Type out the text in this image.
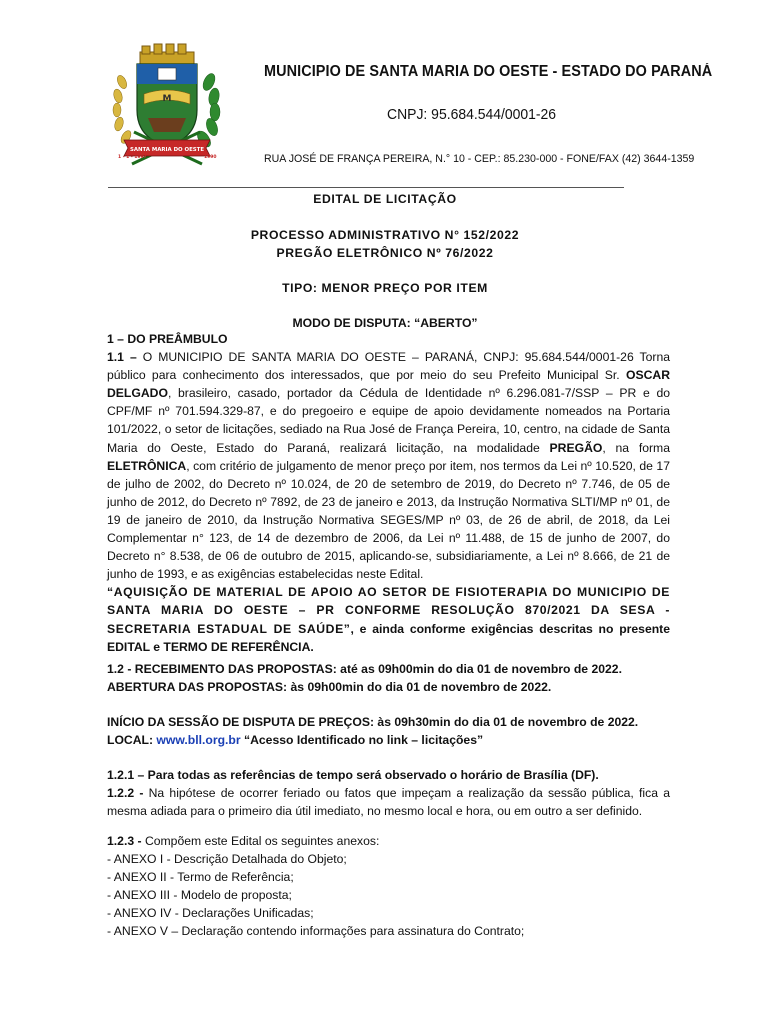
M
SANTA MARIA DO OESTE
1 - 1 - 1997	1990
MUNICIPIO DE SANTA MARIA DO OESTE - ESTADO DO PARANÁ
CNPJ: 95.684.544/0001-26
RUA JOSÉ DE FRANÇA PEREIRA, N.° 10 - CEP.: 85.230-000 - FONE/FAX (42) 3644-1359
EDITAL DE LICITAÇÃO
PROCESSO ADMINISTRATIVO N° 152/2022
PREGÃO ELETRÔNICO Nº 76/2022
TIPO: MENOR PREÇO POR ITEM
MODO DE DISPUTA: “ABERTO”

1 – DO PREÂMBULO

1.1 – O MUNICIPIO DE SANTA MARIA DO OESTE – PARANÁ, CNPJ: 95.684.544/0001-26 Torna público para conhecimento dos interessados, que por meio do seu Prefeito Municipal Sr. OSCAR DELGADO, brasileiro, casado, portador da Cédula de Identidade nº 6.296.081-7/SSP – PR e do CPF/MF nº 701.594.329-87, e do pregoeiro e equipe de apoio devidamente nomeados na Portaria 101/2022, o setor de licitações, sediado na Rua José de França Pereira, 10, centro, na cidade de Santa Maria do Oeste, Estado do Paraná, realizará licitação, na modalidade PREGÃO, na forma ELETRÔNICA, com critério de julgamento de menor preço por item, nos termos da Lei nº 10.520, de 17 de julho de 2002, do Decreto nº 10.024, de 20 de setembro de 2019, do Decreto nº 7.746, de 05 de junho de 2012, do Decreto nº 7892, de 23 de janeiro e 2013, da Instrução Normativa SLTI/MP nº 01, de 19 de janeiro de 2010, da Instrução Normativa SEGES/MP nº 03, de 26 de abril, de 2018, da Lei Complementar n° 123, de 14 de dezembro de 2006, da Lei nº 11.488, de 15 de junho de 2007, do Decreto n° 8.538, de 06 de outubro de 2015, aplicando-se, subsidiariamente, a Lei nº 8.666, de 21 de junho de 1993, e as exigências estabelecidas neste Edital.

“AQUISIÇÃO DE MATERIAL DE APOIO AO SETOR DE FISIOTERAPIA DO MUNICIPIO DE SANTA MARIA DO OESTE – PR CONFORME RESOLUÇÃO 870/2021 DA SESA -SECRETARIA ESTADUAL DE SAÚDE”, e ainda conforme exigências descritas no presente EDITAL e TERMO DE REFERÊNCIA.

1.2 - RECEBIMENTO DAS PROPOSTAS: até as 09h00min do dia 01 de novembro de 2022.

ABERTURA DAS PROPOSTAS: às 09h00min do dia 01 de novembro de 2022.

INÍCIO DA SESSÃO DE DISPUTA DE PREÇOS: às 09h30min do dia 01 de novembro de 2022.

LOCAL: www.bll.org.br “Acesso Identificado no link – licitações”

1.2.1 – Para todas as referências de tempo será observado o horário de Brasília (DF).

1.2.2 - Na hipótese de ocorrer feriado ou fatos que impeçam a realização da sessão pública, fica a mesma adiada para o primeiro dia útil imediato, no mesmo local e hora, ou em outro a ser definido.

1.2.3 - Compõem este Edital os seguintes anexos:

- ANEXO I - Descrição Detalhada do Objeto;

- ANEXO II - Termo de Referência;

- ANEXO III - Modelo de proposta;

- ANEXO IV - Declarações Unificadas;

- ANEXO V – Declaração contendo informações para assinatura do Contrato;
